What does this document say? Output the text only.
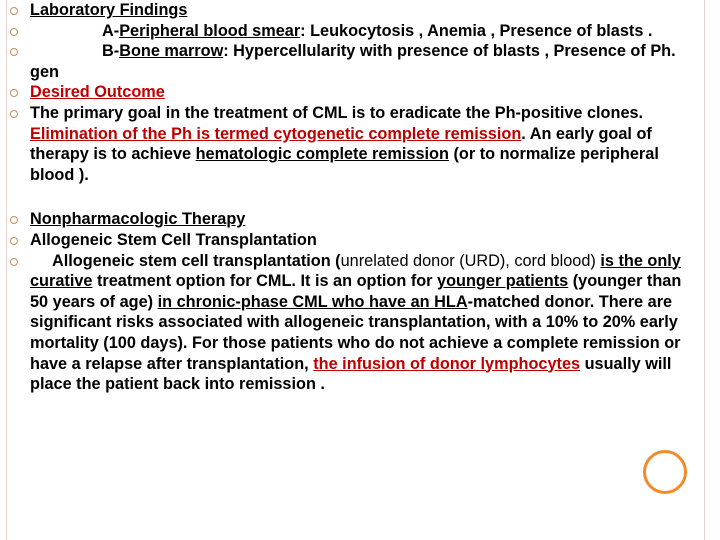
Laboratory Findings

A-Peripheral blood smear: Leukocytosis , Anemia , Presence of blasts .

B-Bone marrow: Hypercellularity with presence of blasts , Presence of Ph. gen

Desired Outcome

The primary goal in the treatment of CML is to eradicate the Ph-positive clones. Elimination of the Ph is termed cytogenetic complete remission. An early goal of therapy is to achieve hematologic complete remission (or to normalize peripheral blood ).

Nonpharmacologic Therapy

Allogeneic Stem Cell Transplantation

Allogeneic stem cell transplantation (unrelated donor (URD), cord blood) is the only curative treatment option for CML. It is an option for younger patients (younger than 50 years of age) in chronic-phase CML who have an HLA-matched donor. There are significant risks associated with allogeneic transplantation, with a 10% to 20% early mortality (100 days). For those patients who do not achieve a complete remission or have a relapse after transplantation, the infusion of donor lymphocytes usually will place the patient back into remission .
